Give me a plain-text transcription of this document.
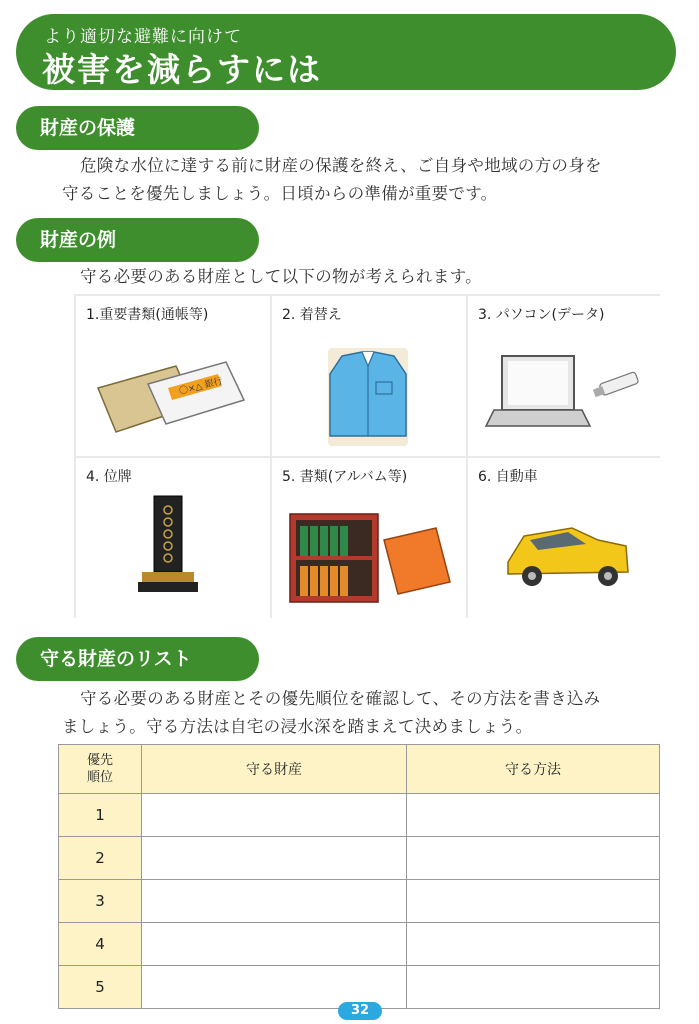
より適切な避難に向けて
被害を減らすには
財産の保護
危険な水位に達する前に財産の保護を終え、ご自身や地域の方の身を
守ることを優先しましょう。日頃からの準備が重要です。
財産の例
守る必要のある財産として以下の物が考えられます。
1.重要書類(通帳等)
〇×△ 銀行
2. 着替え	3. パソコン(データ)
4. 位牌	5. 書類(アルバム等)	6. 自動車
守る財産のリスト
守る必要のある財産とその優先順位を確認して、その方法を書き込み
ましょう。守る方法は自宅の浸水深を踏まえて決めましょう。
優先
順位	守る財産	守る方法
1		
2		
3		
4		
5		
32
